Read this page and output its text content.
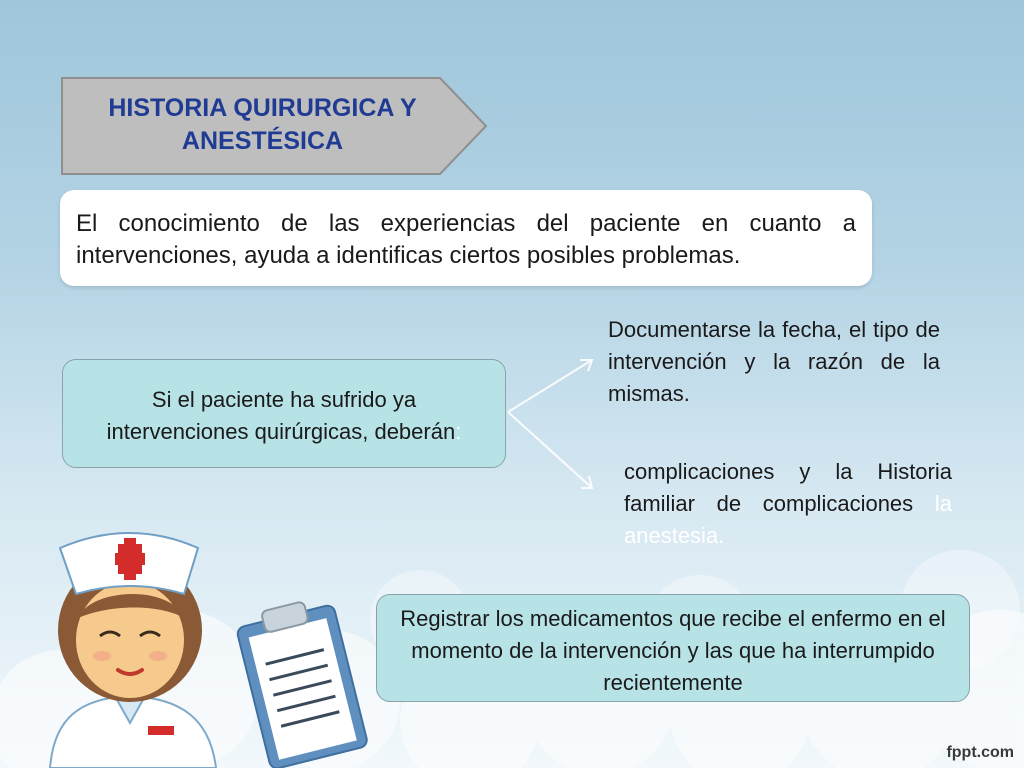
HISTORIA QUIRURGICA Y
ANESTÉSICA
El conocimiento de las experiencias del paciente en cuanto a intervenciones, ayuda a identificas ciertos posibles problemas.
Si el paciente ha sufrido ya
intervenciones quirúrgicas, deberán:
Documentarse la fecha, el tipo de intervención y la razón de la mismas.
complicaciones y la Historia familiar de complicaciones la anestesia.
Registrar los medicamentos que recibe el enfermo en el momento de la intervención y las que ha interrumpido recientemente
fppt.com
